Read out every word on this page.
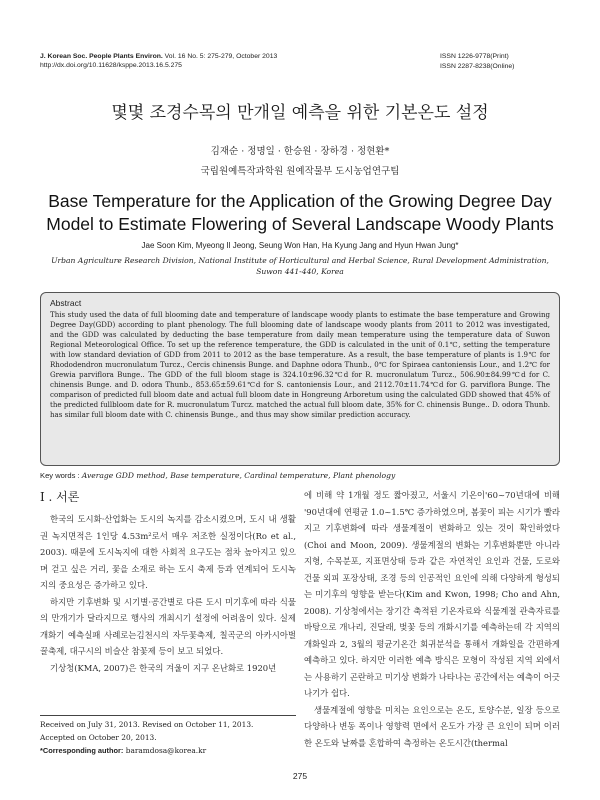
J. Korean Soc. People Plants Environ. Vol. 16 No. 5: 275-279, October 2013
http://dx.doi.org/10.11628/ksppe.2013.16.5.275
ISSN 1226-9778(Print)
ISSN 2287-8238(Online)
몇몇 조경수목의 만개일 예측을 위한 기본온도 설정
김재순 · 정명일 · 한승원 · 장하경 · 정현환*
국립원예특작과학원 원예작물부 도시농업연구팀
Base Temperature for the Application of the Growing Degree Day Model to Estimate Flowering of Several Landscape Woody Plants
Jae Soon Kim, Myeong Il Jeong, Seung Won Han, Ha Kyung Jang and Hyun Hwan Jung*
Urban Agriculture Research Division, National Institute of Horticultural and Herbal Science, Rural Development Administration, Suwon 441-440, Korea
Abstract
This study used the data of full blooming date and temperature of landscape woody plants to estimate the base temperature and Growing Degree Day(GDD) according to plant phenology. The full blooming date of landscape woody plants from 2011 to 2012 was investigated, and the GDD was calculated by deducting the base temperature from daily mean temperature using the temperature data of Suwon Regional Meteorological Office. To set up the reference temperature, the GDD is calculated in the unit of 0.1℃, setting the temperature with low standard deviation of GDD from 2011 to 2012 as the base temperature. As a result, the base temperature of plants is 1.9℃ for Rhododendron mucronulatum Turcz., Cercis chinensis Bunge. and Daphne odora Thunb., 0℃ for Spiraea cantoniensis Lour., and 1.2℃ for Grewia parviflora Bunge.. The GDD of the full bloom stage is 324.10±96.32℃d for R. mucronulatum Turcz., 506.90±84.99℃d for C. chinensis Bunge. and D. odora Thunb., 853.65±59.61℃d for S. cantoniensis Lour., and 2112.70±11.74℃d for G. parviflora Bunge. The comparison of predicted full bloom date and actual full bloom date in Hongreung Arboretum using the calculated GDD showed that 45% of the predicted fullbloom date for R. mucronulatum Turcz. matched the actual full bloom date, 35% for C. chinensis Bunge.. D. odora Thunb. has similar full bloom date with C. chinensis Bunge., and thus may show similar prediction accuracy.
Key words : Average GDD method, Base temperature, Cardinal temperature, Plant phenology
I . 서론

한국의 도시화·산업화는 도시의 녹지를 감소시켰으며, 도시 내 생활권 녹지면적은 1인당 4.53m²로서 매우 저조한 실정이다(Ro et al., 2003). 때문에 도시녹지에 대한 사회적 요구도는 점차 높아지고 있으며 걷고 싶은 거리, 꽃을 소재로 하는 도시 축제 등과 연계되어 도시녹지의 중요성은 증가하고 있다.

하지만 기후변화 및 시기별·공간별로 다른 도시 미기후에 따라 식물의 만개기가 달라지므로 행사의 개최시기 설정에 어려움이 있다. 실제 개화기 예측실패 사례로는김천시의 자두꽃축제, 칠곡군의 아카시아벌꿀축제, 대구시의 비슬산 참꽃제 등이 보고 되었다.

기상청(KMA, 2007)은 한국의 겨울이 지구 온난화로 1920년

에 비해 약 1개월 정도 짧아졌고, 서울시 기온이'60~70년대에 비해 '90년대에 연평균 1.0~1.5℃ 증가하였으며, 봄꽃이 피는 시기가 빨라지고 기후변화에 따라 생물계절이 변화하고 있는 것이 확인하였다(Choi and Moon, 2009). 생물계절의 변화는 기후변화뿐만 아니라 지형, 수목분포, 지표면상태 등과 같은 자연적인 요인과 건물, 도로와 건물 외피 포장상태, 조경 등의 인공적인 요인에 의해 다양하게 형성되는 미기후의 영향을 받는다(Kim and Kwon, 1998; Cho and Ahn, 2008). 기상청에서는 장기간 축적된 기온자료와 식물계절 관측자료를 바탕으로 개나리, 진달래, 벚꽃 등의 개화시기를 예측하는데 각 지역의 개화일과 2, 3월의 평균기온간 회귀분석을 통해서 개화일을 간편하게 예측하고 있다. 하지만 이러한 예측 방식은 모형이 작성된 지역 외에서는 사용하기 곤란하고 미기상 변화가 나타나는 공간에서는 예측이 어긋나기가 쉽다.

생물계절에 영향을 미치는 요인으로는 온도, 토양수분, 일장 등으로 다양하나 변동 폭이나 영향력 면에서 온도가 가장 큰 요인이 되며 이러한 온도와 날짜를 혼합하여 측정하는 온도시간(thermal

Received on July 31, 2013. Revised on October 11, 2013.
Accepted on October 20, 2013.
*Corresponding author: baramdosa@korea.kr
275
